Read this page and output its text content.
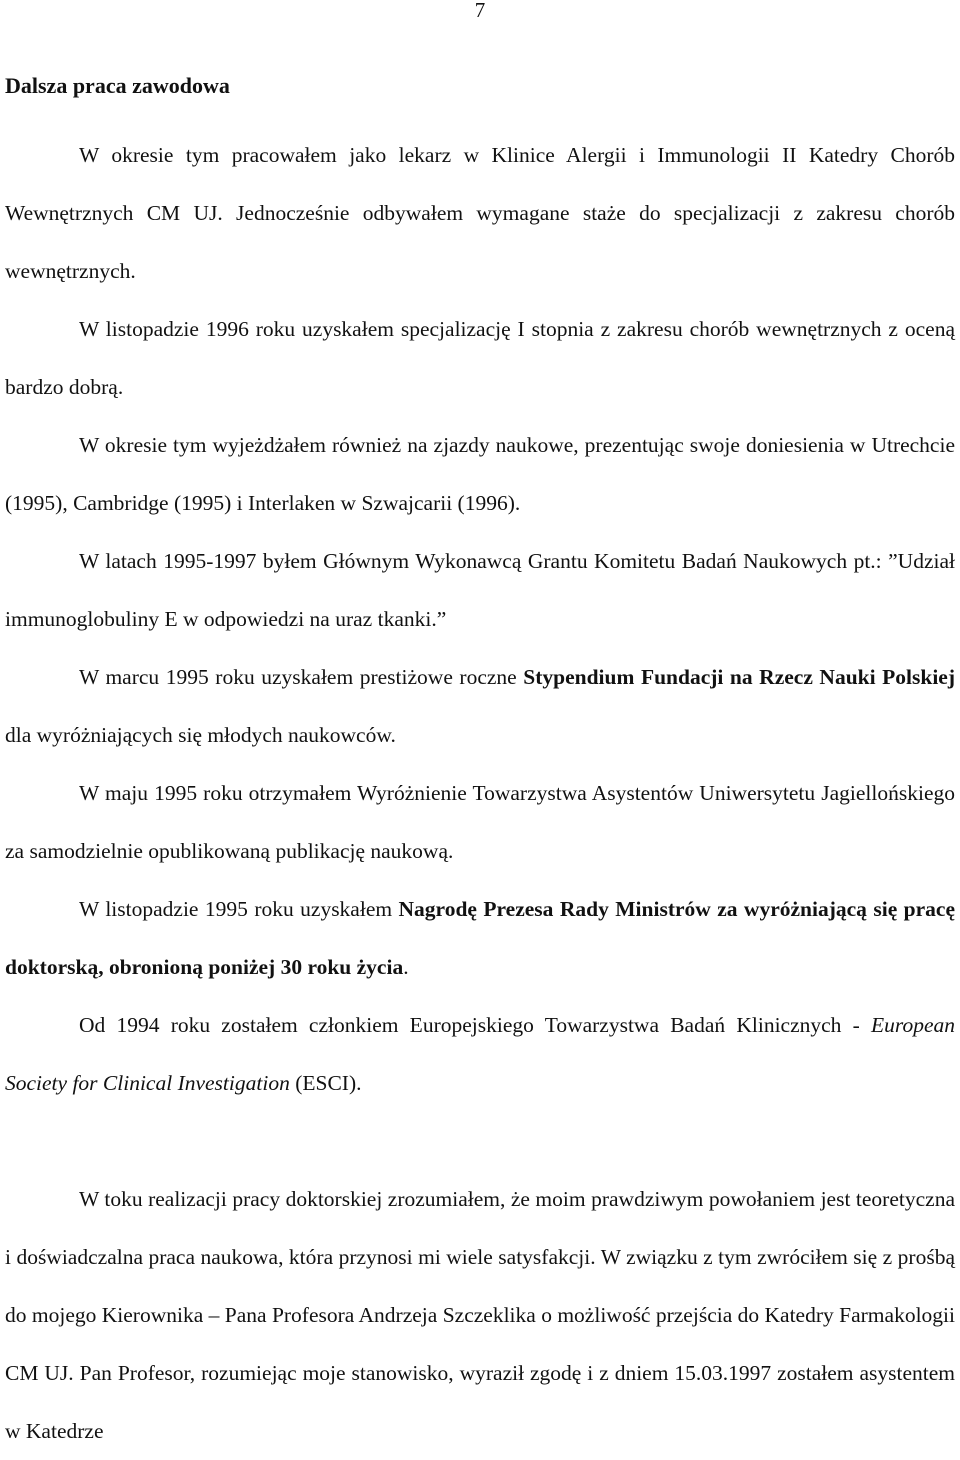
7
Dalsza praca zawodowa

W okresie tym pracowałem jako lekarz w Klinice Alergii i Immunologii II Katedry Chorób Wewnętrznych CM UJ. Jednocześnie odbywałem wymagane staże do specjalizacji z zakresu chorób wewnętrznych.

W listopadzie 1996 roku uzyskałem specjalizację I stopnia z zakresu chorób wewnętrznych z oceną bardzo dobrą.

W okresie tym wyjeżdżałem również na zjazdy naukowe, prezentując swoje doniesienia w Utrechcie (1995), Cambridge (1995) i Interlaken w Szwajcarii (1996).

W latach 1995-1997 byłem Głównym Wykonawcą Grantu Komitetu Badań Naukowych pt.: ”Udział immunoglobuliny E w odpowiedzi na uraz tkanki.”

W marcu 1995 roku uzyskałem prestiżowe roczne Stypendium Fundacji na Rzecz Nauki Polskiej dla wyróżniających się młodych naukowców.

W maju 1995 roku otrzymałem Wyróżnienie Towarzystwa Asystentów Uniwersytetu Jagiellońskiego za samodzielnie opublikowaną publikację naukową.

W listopadzie 1995 roku uzyskałem Nagrodę Prezesa Rady Ministrów za wyróżniającą się pracę doktorską, obronioną poniżej 30 roku życia.

Od 1994 roku zostałem członkiem Europejskiego Towarzystwa Badań Klinicznych - European Society for Clinical Investigation (ESCI).

W toku realizacji pracy doktorskiej zrozumiałem, że moim prawdziwym powołaniem jest teoretyczna i doświadczalna praca naukowa, która przynosi mi wiele satysfakcji. W związku z tym zwróciłem się z prośbą do mojego Kierownika – Pana Profesora Andrzeja Szczeklika o możliwość przejścia do Katedry Farmakologii CM UJ. Pan Profesor, rozumiejąc moje stanowisko, wyraził zgodę i z dniem 15.03.1997 zostałem asystentem w Katedrze
